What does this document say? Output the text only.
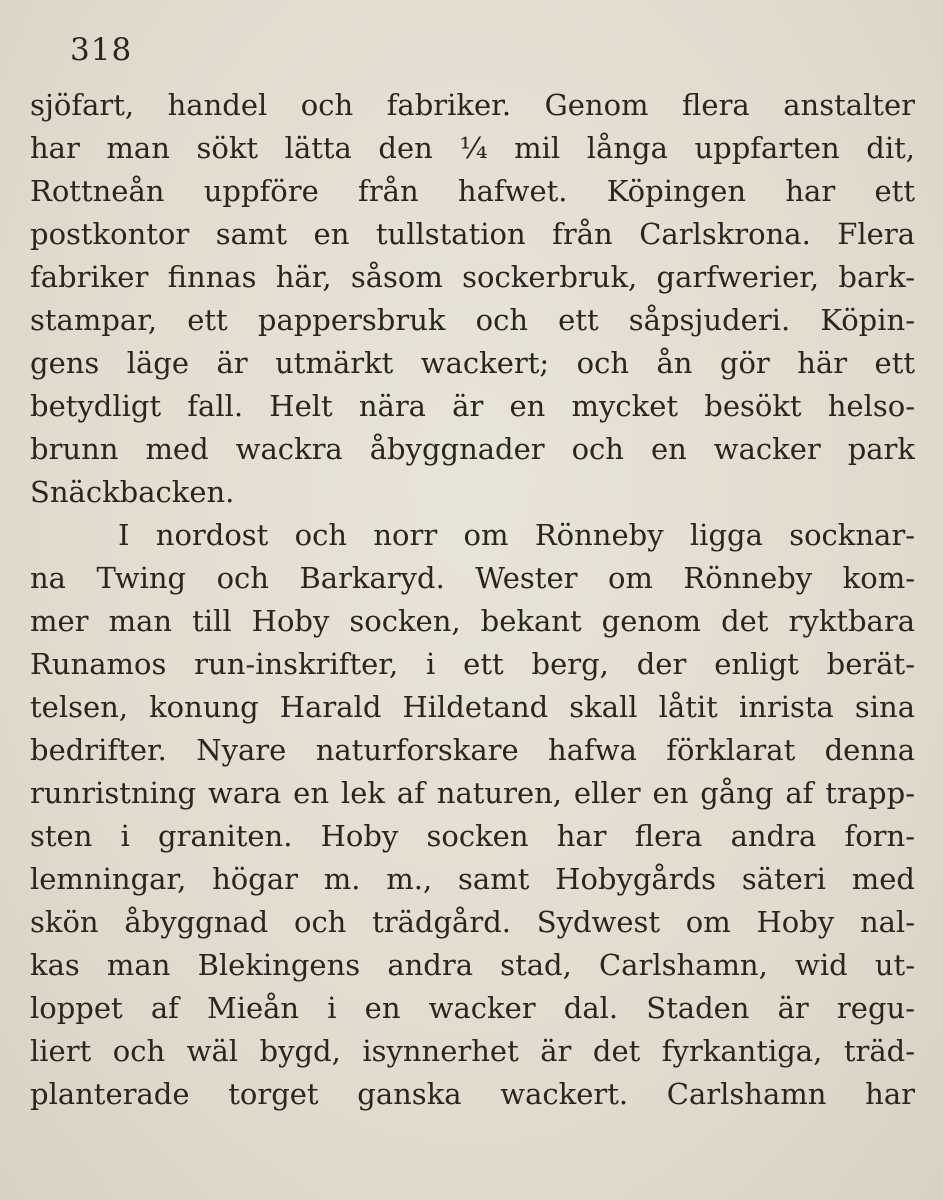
318
sjöfart, handel och fabriker. Genom flera anstalter
har man sökt lätta den ¼ mil långa uppfarten dit,
Rottneån uppföre från hafwet. Köpingen har ett
postkontor samt en tullstation från Carlskrona. Flera
fabriker finnas här, såsom sockerbruk, garfwerier, bark-
stampar, ett pappersbruk och ett såpsjuderi. Köpin-
gens läge är utmärkt wackert; och ån gör här ett
betydligt fall. Helt nära är en mycket besökt helso-
brunn med wackra åbyggnader och en wacker park
Snäckbacken.
I nordost och norr om Rönneby ligga socknar-
na Twing och Barkaryd. Wester om Rönneby kom-
mer man till Hoby socken, bekant genom det ryktbara
Runamos run-inskrifter, i ett berg, der enligt berät-
telsen, konung Harald Hildetand skall låtit inrista sina
bedrifter. Nyare naturforskare hafwa förklarat denna
runristning wara en lek af naturen, eller en gång af trapp-
sten i graniten. Hoby socken har flera andra forn-
lemningar, högar m. m., samt Hobygårds säteri med
skön åbyggnad och trädgård. Sydwest om Hoby nal-
kas man Blekingens andra stad, Carlshamn, wid ut-
loppet af Mieån i en wacker dal. Staden är regu-
liert och wäl bygd, isynnerhet är det fyrkantiga, träd-
planterade torget ganska wackert. Carlshamn har
